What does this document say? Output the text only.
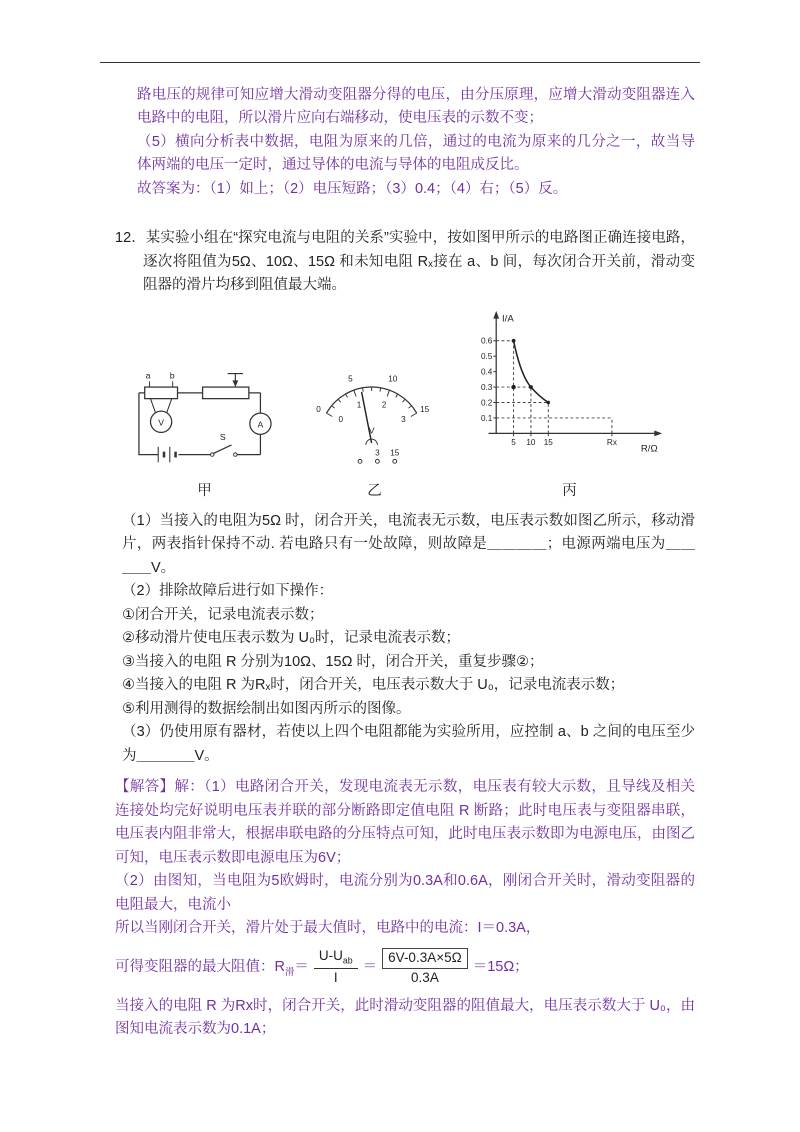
路电压的规律可知应增大滑动变阻器分得的电压，由分压原理，应增大滑动变阻器连入电路中的电阻，所以滑片应向右端移动，使电压表的示数不变；

（5）横向分析表中数据，电阻为原来的几倍，通过的电流为原来的几分之一，故当导体两端的电压一定时，通过导体的电流与导体的电阻成反比。

故答案为：（1）如上；（2）电压短路；（3）0.4；（4）右；（5）反。

12．某实验小组在“探究电流与电阻的关系”实验中，按如图甲所示的电路图正确连接电路，逐次将阻值为5Ω、10Ω、15Ω 和未知电阻 Rₓ接在 a、b 间，每次闭合开关前，滑动变阻器的滑片均移到阻值最大端。

a b
V	A
S
甲
0
5	10
15
0
1 2
3
V
3 15
乙
I/A
R/Ω
0.6
0.5
0.4
0.3
0.2
0.1
5 10 15	Rx
丙

（1）当接入的电阻为5Ω 时，闭合开关，电流表无示数，电压表示数如图乙所示，移动滑片，两表指针保持不动. 若电路只有一处故障，则故障是＿＿＿＿；电源两端电压为＿＿＿＿V。

（2）排除故障后进行如下操作：

①闭合开关，记录电流表示数；

②移动滑片使电压表示数为 U₀时，记录电流表示数；

③当接入的电阻 R 分别为10Ω、15Ω 时，闭合开关，重复步骤②；

④当接入的电阻 R 为Rₓ时，闭合开关，电压表示数大于 U₀，记录电流表示数；

⑤利用测得的数据绘制出如图丙所示的图像。

（3）仍使用原有器材，若使以上四个电阻都能为实验所用，应控制 a、b 之间的电压至少为＿＿＿＿V。

【解答】解：（1）电路闭合开关，发现电流表无示数，电压表有较大示数，且导线及相关连接处均完好说明电压表并联的部分断路即定值电阻 R 断路；此时电压表与变阻器串联，电压表内阻非常大，根据串联电路的分压特点可知，此时电压表示数即为电源电压，由图乙可知，电压表示数即电源电压为6V；

（2）由图知，当电阻为5欧姆时，电流分别为0.3A和0.6A，刚闭合开关时，滑动变阻器的电阻最大，电流小

所以当刚闭合开关，滑片处于最大值时，电路中的电流：I＝0.3A，

可得变阻器的最大阻值：$R_滑= \frac{U-U_{ab}}{I} = \frac{6V-0.3A\times 5\Omega}{0.3A} =15\Omega$；

当接入的电阻 R 为Rx时，闭合开关，此时滑动变阻器的阻值最大，电压表示数大于 U₀，由图知电流表示数为0.1A；
